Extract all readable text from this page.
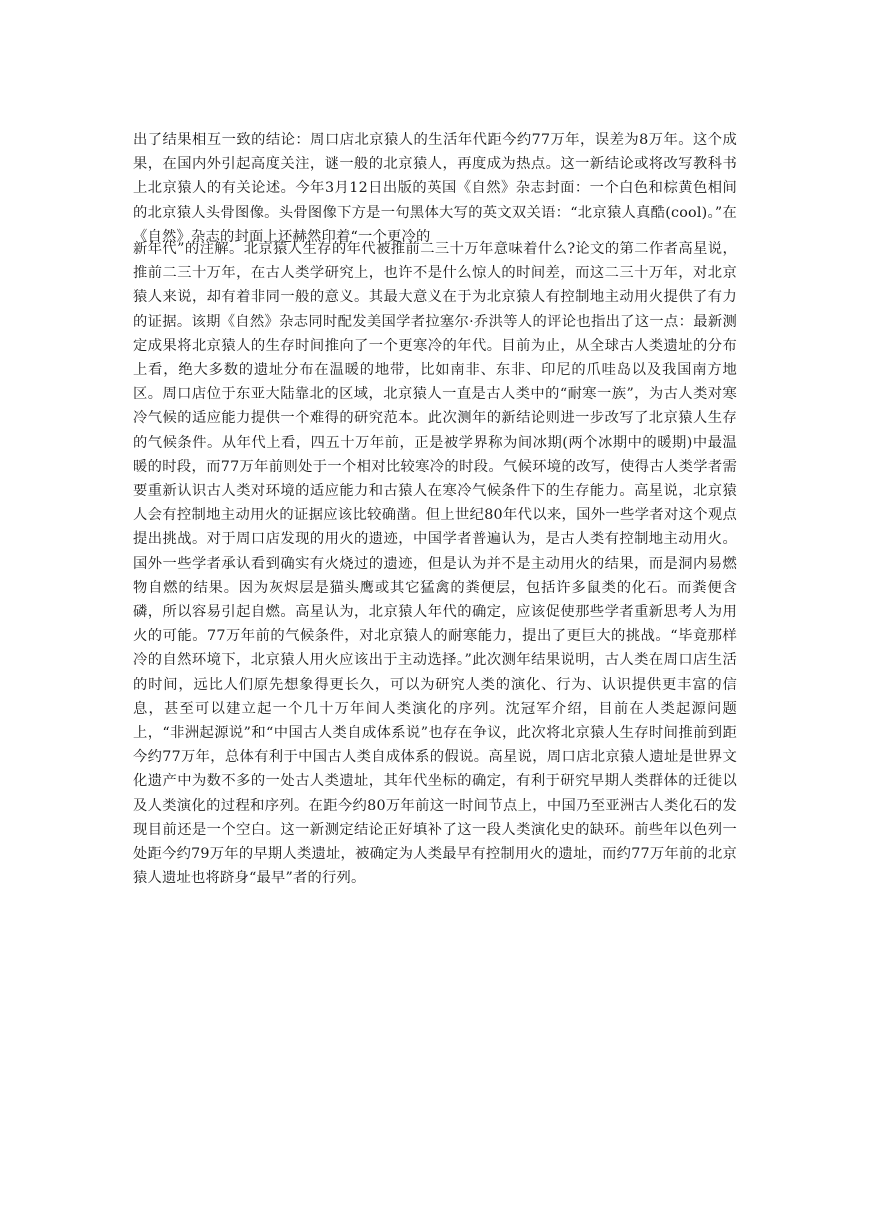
出了结果相互一致的结论：周口店北京猿人的生活年代距今约77万年，误差为8万年。这个成果，在国内外引起高度关注，谜一般的北京猿人，再度成为热点。这一新结论或将改写教科书上北京猿人的有关论述。今年3月12日出版的英国《自然》杂志封面：一个白色和棕黄色相间的北京猿人头骨图像。头骨图像下方是一句黑体大写的英文双关语：“北京猿人真酷(cool)。”在《自然》杂志的封面上还赫然印着“一个更冷的

新年代”的注解。北京猿人生存的年代被推前二三十万年意味着什么?论文的第二作者高星说，推前二三十万年，在古人类学研究上，也许不是什么惊人的时间差，而这二三十万年，对北京猿人来说，却有着非同一般的意义。其最大意义在于为北京猿人有控制地主动用火提供了有力的证据。该期《自然》杂志同时配发美国学者拉塞尔·乔洪等人的评论也指出了这一点：最新测定成果将北京猿人的生存时间推向了一个更寒冷的年代。目前为止，从全球古人类遗址的分布上看，绝大多数的遗址分布在温暖的地带，比如南非、东非、印尼的爪哇岛以及我国南方地区。周口店位于东亚大陆靠北的区域，北京猿人一直是古人类中的“耐寒一族”，为古人类对寒冷气候的适应能力提供一个难得的研究范本。此次测年的新结论则进一步改写了北京猿人生存的气候条件。从年代上看，四五十万年前，正是被学界称为间冰期(两个冰期中的暖期)中最温暖的时段，而77万年前则处于一个相对比较寒冷的时段。气候环境的改写，使得古人类学者需要重新认识古人类对环境的适应能力和古猿人在寒冷气候条件下的生存能力。高星说，北京猿人会有控制地主动用火的证据应该比较确凿。但上世纪80年代以来，国外一些学者对这个观点提出挑战。对于周口店发现的用火的遗迹，中国学者普遍认为，是古人类有控制地主动用火。国外一些学者承认看到确实有火烧过的遗迹，但是认为并不是主动用火的结果，而是洞内易燃物自燃的结果。因为灰烬层是猫头鹰或其它猛禽的粪便层，包括许多鼠类的化石。而粪便含磷，所以容易引起自燃。高星认为，北京猿人年代的确定，应该促使那些学者重新思考人为用火的可能。77万年前的气候条件，对北京猿人的耐寒能力，提出了更巨大的挑战。“毕竟那样冷的自然环境下，北京猿人用火应该出于主动选择。”此次测年结果说明，古人类在周口店生活的时间，远比人们原先想象得更长久，可以为研究人类的演化、行为、认识提供更丰富的信息，甚至可以建立起一个几十万年间人类演化的序列。沈冠军介绍，目前在人类起源问题上，“非洲起源说”和“中国古人类自成体系说”也存在争议，此次将北京猿人生存时间推前到距今约77万年，总体有利于中国古人类自成体系的假说。高星说，周口店北京猿人遗址是世界文化遗产中为数不多的一处古人类遗址，其年代坐标的确定，有利于研究早期人类群体的迁徙以及人类演化的过程和序列。在距今约80万年前这一时间节点上，中国乃至亚洲古人类化石的发现目前还是一个空白。这一新测定结论正好填补了这一段人类演化史的缺环。前些年以色列一处距今约79万年的早期人类遗址，被确定为人类最早有控制用火的遗址，而约77万年前的北京猿人遗址也将跻身“最早”者的行列。
